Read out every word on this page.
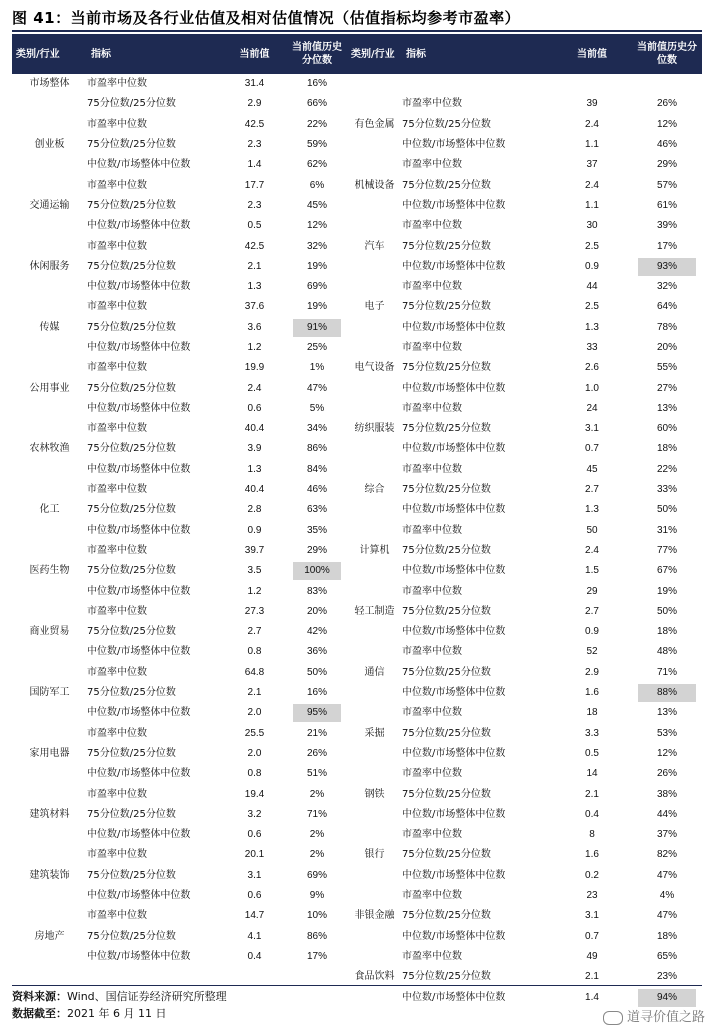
图 41：当前市场及各行业估值及相对估值情况（估值指标均参考市盈率）
类别/行业	指标	当前值	当前值历史分位数	类别/行业	指标	当前值	当前值历史分位数
市场整体	市盈率中位数	31.4	16%				

	75分位数/25分位数	2.9	66%		市盈率中位数	39	26%

	市盈率中位数	42.5	22%	有色金属	75分位数/25分位数	2.4	12%

创业板	75分位数/25分位数	2.3	59%		中位数/市场整体中位数	1.1	46%

	中位数/市场整体中位数	1.4	62%		市盈率中位数	37	29%

	市盈率中位数	17.7	6%	机械设备	75分位数/25分位数	2.4	57%

交通运输	75分位数/25分位数	2.3	45%		中位数/市场整体中位数	1.1	61%

	中位数/市场整体中位数	0.5	12%		市盈率中位数	30	39%

	市盈率中位数	42.5	32%	汽车	75分位数/25分位数	2.5	17%

休闲服务	75分位数/25分位数	2.1	19%		中位数/市场整体中位数	0.9	93%

	中位数/市场整体中位数	1.3	69%		市盈率中位数	44	32%

	市盈率中位数	37.6	19%	电子	75分位数/25分位数	2.5	64%

传媒	75分位数/25分位数	3.6	91%		中位数/市场整体中位数	1.3	78%

	中位数/市场整体中位数	1.2	25%		市盈率中位数	33	20%

	市盈率中位数	19.9	1%	电气设备	75分位数/25分位数	2.6	55%

公用事业	75分位数/25分位数	2.4	47%		中位数/市场整体中位数	1.0	27%

	中位数/市场整体中位数	0.6	5%		市盈率中位数	24	13%

	市盈率中位数	40.4	34%	纺织服装	75分位数/25分位数	3.1	60%

农林牧渔	75分位数/25分位数	3.9	86%		中位数/市场整体中位数	0.7	18%

	中位数/市场整体中位数	1.3	84%		市盈率中位数	45	22%

	市盈率中位数	40.4	46%	综合	75分位数/25分位数	2.7	33%

化工	75分位数/25分位数	2.8	63%		中位数/市场整体中位数	1.3	50%

	中位数/市场整体中位数	0.9	35%		市盈率中位数	50	31%

	市盈率中位数	39.7	29%	计算机	75分位数/25分位数	2.4	77%

医药生物	75分位数/25分位数	3.5	100%		中位数/市场整体中位数	1.5	67%

	中位数/市场整体中位数	1.2	83%		市盈率中位数	29	19%

	市盈率中位数	27.3	20%	轻工制造	75分位数/25分位数	2.7	50%

商业贸易	75分位数/25分位数	2.7	42%		中位数/市场整体中位数	0.9	18%

	中位数/市场整体中位数	0.8	36%		市盈率中位数	52	48%

	市盈率中位数	64.8	50%	通信	75分位数/25分位数	2.9	71%

国防军工	75分位数/25分位数	2.1	16%		中位数/市场整体中位数	1.6	88%

	中位数/市场整体中位数	2.0	95%		市盈率中位数	18	13%

	市盈率中位数	25.5	21%	采掘	75分位数/25分位数	3.3	53%

家用电器	75分位数/25分位数	2.0	26%		中位数/市场整体中位数	0.5	12%

	中位数/市场整体中位数	0.8	51%		市盈率中位数	14	26%

	市盈率中位数	19.4	2%	钢铁	75分位数/25分位数	2.1	38%

建筑材料	75分位数/25分位数	3.2	71%		中位数/市场整体中位数	0.4	44%

	中位数/市场整体中位数	0.6	2%		市盈率中位数	8	37%

	市盈率中位数	20.1	2%	银行	75分位数/25分位数	1.6	82%

建筑装饰	75分位数/25分位数	3.1	69%		中位数/市场整体中位数	0.2	47%

	中位数/市场整体中位数	0.6	9%		市盈率中位数	23	4%

	市盈率中位数	14.7	10%	非银金融	75分位数/25分位数	3.1	47%

房地产	75分位数/25分位数	4.1	86%		中位数/市场整体中位数	0.7	18%

	中位数/市场整体中位数	0.4	17%		市盈率中位数	49	65%

				食品饮料	75分位数/25分位数	2.1	23%

					中位数/市场整体中位数	1.4	94%
资料来源：Wind、国信证券经济研究所整理
数据截至：2021 年 6 月 11 日	道寻价值之路
